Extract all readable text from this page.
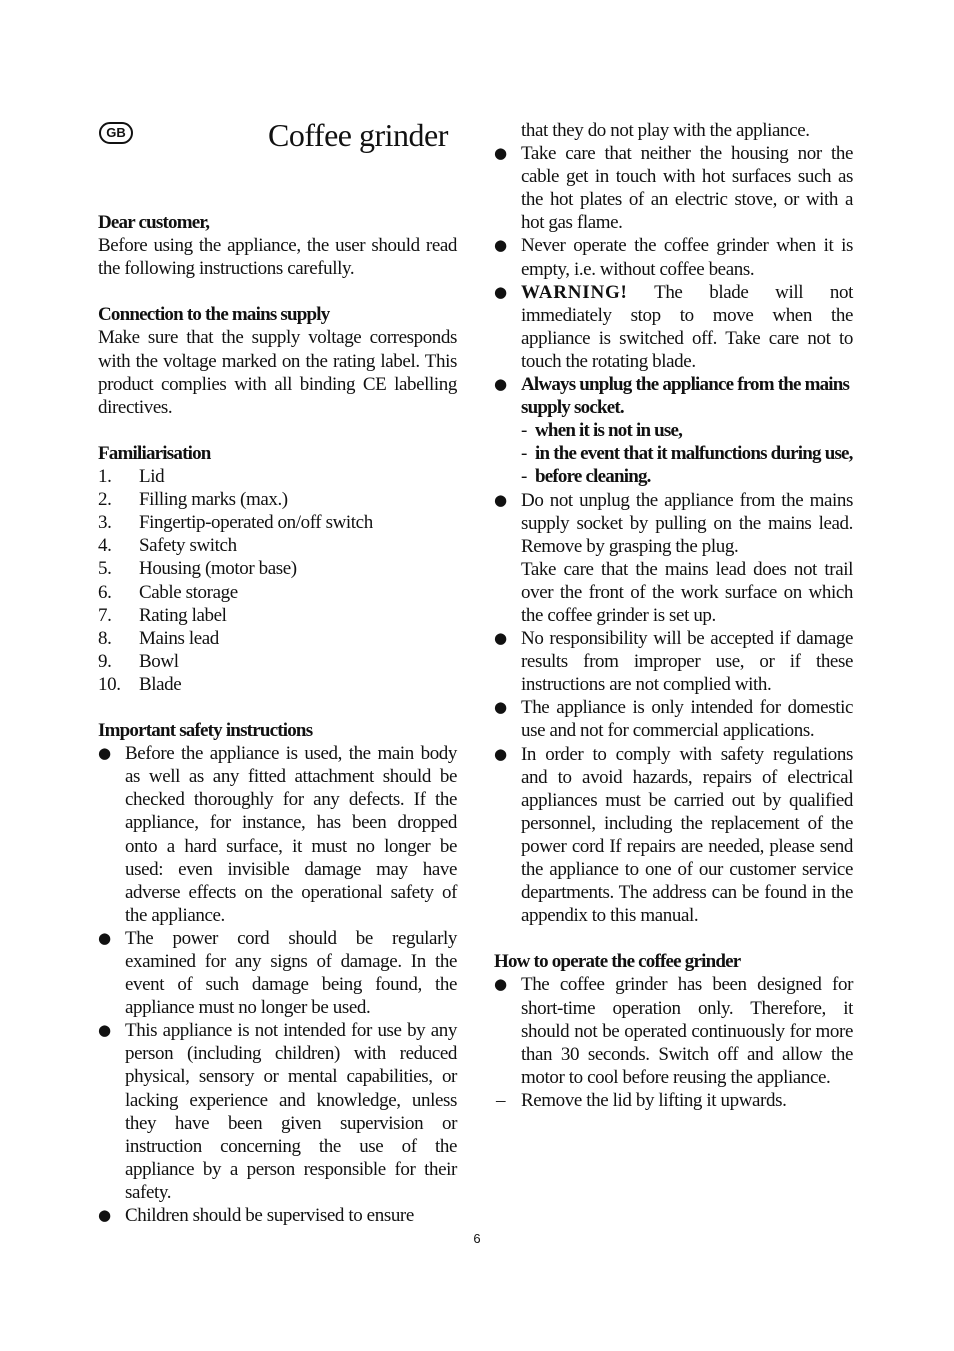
GB	Coffee grinder
Dear customer,

Before using the appliance, the user should read the following instructions carefully.

Connection to the mains supply

Make sure that the supply voltage corresponds with the voltage marked on the rating label. This product complies with all binding CE labelling directives.

Familiarisation
1.	Lid
2.	Filling marks (max.)
3.	Fingertip-operated on/off switch
4.	Safety switch
5.	Housing (motor base)
6.	Cable storage
7.	Rating label
8.	Mains lead
9.	Bowl
10. Blade
Important safety instructions
● Before the appliance is used, the main body as well as any fitted attachment should be checked thoroughly for any defects. If the appliance, for instance, has been dropped onto a hard surface, it must no longer be used: even invisible damage may have adverse effects on the operational safety of the appliance.
● The power cord should be regularly examined for any signs of damage. In the event of such damage being found, the appliance must no longer be used.
● This appliance is not intended for use by any person (including children) with reduced physical, sensory or mental capabilities, or lacking experience and knowledge, unless they have been given supervision or instruction concerning the use of the appliance by a person responsible for their safety.
● Children should be supervised to ensure
that they do not play with the appliance.
● Take care that neither the housing nor the cable get in touch with hot surfaces such as the hot plates of an electric stove, or with a hot gas flame.
● Never operate the coffee grinder when it is empty, i.e. without coffee beans.
● WARNING! The blade will not immediately stop to move when the appliance is switched off. Take care not to touch the rotating blade.
● Always unplug the appliance from the mains supply socket.
- when it is not in use,
- in the event that it malfunctions during use,
- before cleaning.
● Do not unplug the appliance from the mains supply socket by pulling on the mains lead. Remove by grasping the plug.
Take care that the mains lead does not trail over the front of the work surface on which the coffee grinder is set up.
● No responsibility will be accepted if damage results from improper use, or if these instructions are not complied with.
● The appliance is only intended for domestic use and not for commercial applications.
● In order to comply with safety regulations and to avoid hazards, repairs of electrical appliances must be carried out by qualified personnel, including the replacement of the power cord If repairs are needed, please send the appliance to one of our customer service departments. The address can be found in the appendix to this manual.
How to operate the coffee grinder
● The coffee grinder has been designed for short-time operation only. Therefore, it should not be operated continuously for more than 30 seconds. Switch off and allow the motor to cool before reusing the appliance.
– Remove the lid by lifting it upwards.
6
